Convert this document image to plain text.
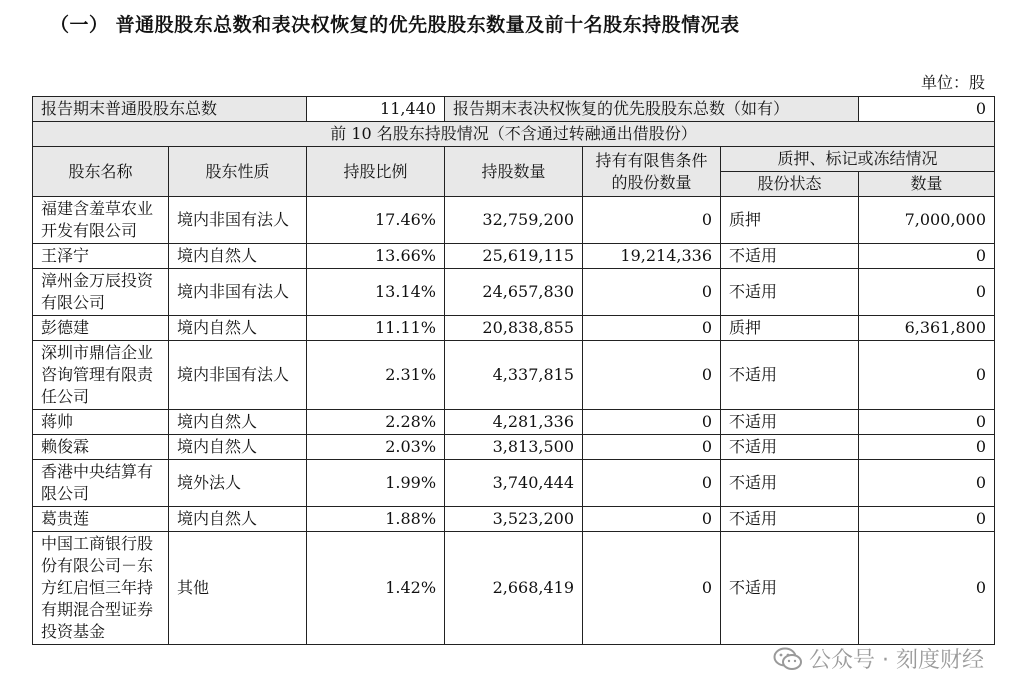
（一） 普通股股东总数和表决权恢复的优先股股东数量及前十名股东持股情况表
单位：股
报告期末普通股股东总数		11,440	报告期末表决权恢复的优先股股东总数（如有）			0
前 10 名股东持股情况（不含通过转融通出借股份）						
股东名称	股东性质	持股比例	持股数量	持有有限售条件的股份数量	质押、标记或冻结情况	
					股份状态	数量
福建含羞草农业开发有限公司	境内非国有法人	17.46%	32,759,200	0	质押	7,000,000
王泽宁	境内自然人	13.66%	25,619,115	19,214,336	不适用	0
漳州金万辰投资有限公司	境内非国有法人	13.14%	24,657,830	0	不适用	0
彭德建	境内自然人	11.11%	20,838,855	0	质押	6,361,800
深圳市鼎信企业咨询管理有限责任公司	境内非国有法人	2.31%	4,337,815	0	不适用	0
蒋帅	境内自然人	2.28%	4,281,336	0	不适用	0
赖俊霖	境内自然人	2.03%	3,813,500	0	不适用	0
香港中央结算有限公司	境外法人	1.99%	3,740,444	0	不适用	0
葛贵莲	境内自然人	1.88%	3,523,200	0	不适用	0
中国工商银行股份有限公司－东方红启恒三年持有期混合型证券投资基金	其他	1.42%	2,668,419	0	不适用	0
公众号 · 刻度财经
